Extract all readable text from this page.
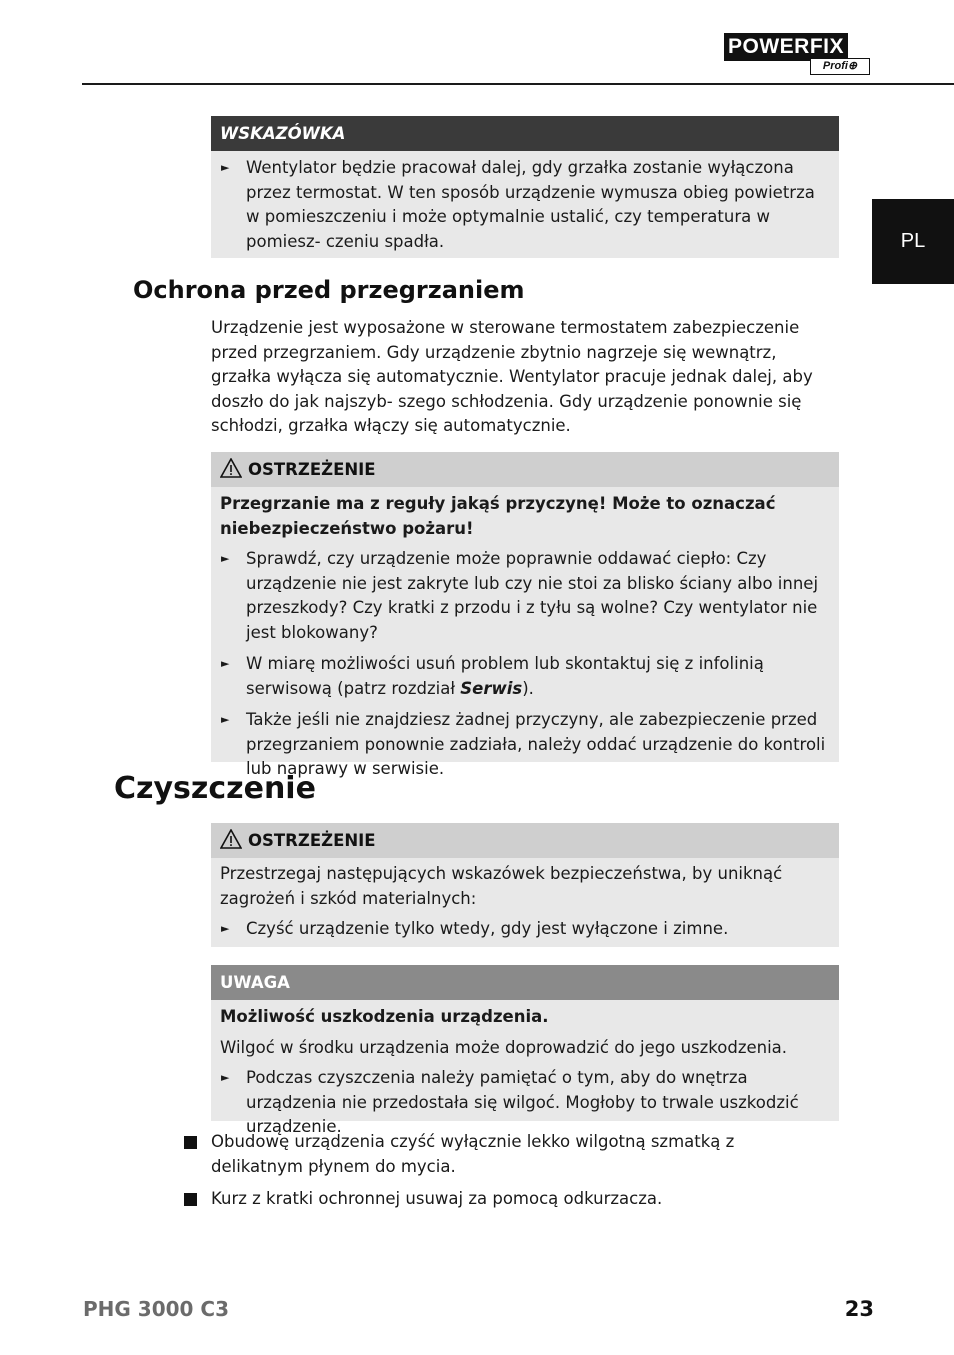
POWERFIX
Profi⊕
PL
WSKAZÓWKA
► Wentylator będzie pracował dalej, gdy grzałka zostanie wyłączona przez termostat. W ten sposób urządzenie wymusza obieg powietrza w pomieszczeniu i może optymalnie ustalić, czy temperatura w pomiesz- czeniu spadła.
Ochrona przed przegrzaniem
Urządzenie jest wyposażone w sterowane termostatem zabezpieczenie przed przegrzaniem. Gdy urządzenie zbytnio nagrzeje się wewnątrz, grzałka wyłącza się automatycznie. Wentylator pracuje jednak dalej, aby doszło do jak najszyb- szego schłodzenia. Gdy urządzenie ponownie się schłodzi, grzałka włączy się automatycznie.
OSTRZEŻENIE
Przegrzanie ma z reguły jakąś przyczynę! Może to oznaczać niebezpieczeństwo pożaru!
► Sprawdź, czy urządzenie może poprawnie oddawać ciepło: Czy urządzenie nie jest zakryte lub czy nie stoi za blisko ściany albo innej przeszkody? Czy kratki z przodu i z tyłu są wolne? Czy wentylator nie jest blokowany?
► W miarę możliwości usuń problem lub skontaktuj się z infolinią serwisową (patrz rozdział Serwis).
► Także jeśli nie znajdziesz żadnej przyczyny, ale zabezpieczenie przed przegrzaniem ponownie zadziała, należy oddać urządzenie do kontroli lub naprawy w serwisie.
Czyszczenie
OSTRZEŻENIE
Przestrzegaj następujących wskazówek bezpieczeństwa, by uniknąć zagrożeń i szkód materialnych:
► Czyść urządzenie tylko wtedy, gdy jest wyłączone i zimne.
UWAGA
Możliwość uszkodzenia urządzenia.
Wilgoć w środku urządzenia może doprowadzić do jego uszkodzenia.
► Podczas czyszczenia należy pamiętać o tym, aby do wnętrza urządzenia nie przedostała się wilgoć. Mogłoby to trwale uszkodzić urządzenie.
Obudowę urządzenia czyść wyłącznie lekko wilgotną szmatką z delikatnym płynem do mycia.
Kurz z kratki ochronnej usuwaj za pomocą odkurzacza.
PHG 3000 C3	23
